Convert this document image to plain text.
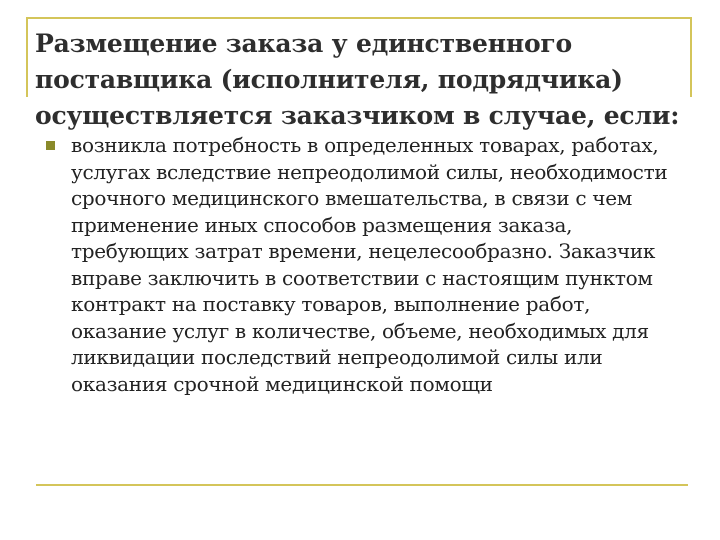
Размещение заказа у единственного поставщика (исполнителя, подрядчика) осуществляется заказчиком в случае, если:

возникла потребность в определенных товарах, работах, услугах вследствие непреодолимой силы, необходимости срочного медицинского вмешательства, в связи с чем применение иных способов размещения заказа, требующих затрат времени, нецелесообразно. Заказчик вправе заключить в соответствии с настоящим пунктом контракт на поставку товаров, выполнение работ, оказание услуг в количестве, объеме, необходимых для ликвидации последствий непреодолимой силы или оказания срочной медицинской помощи
